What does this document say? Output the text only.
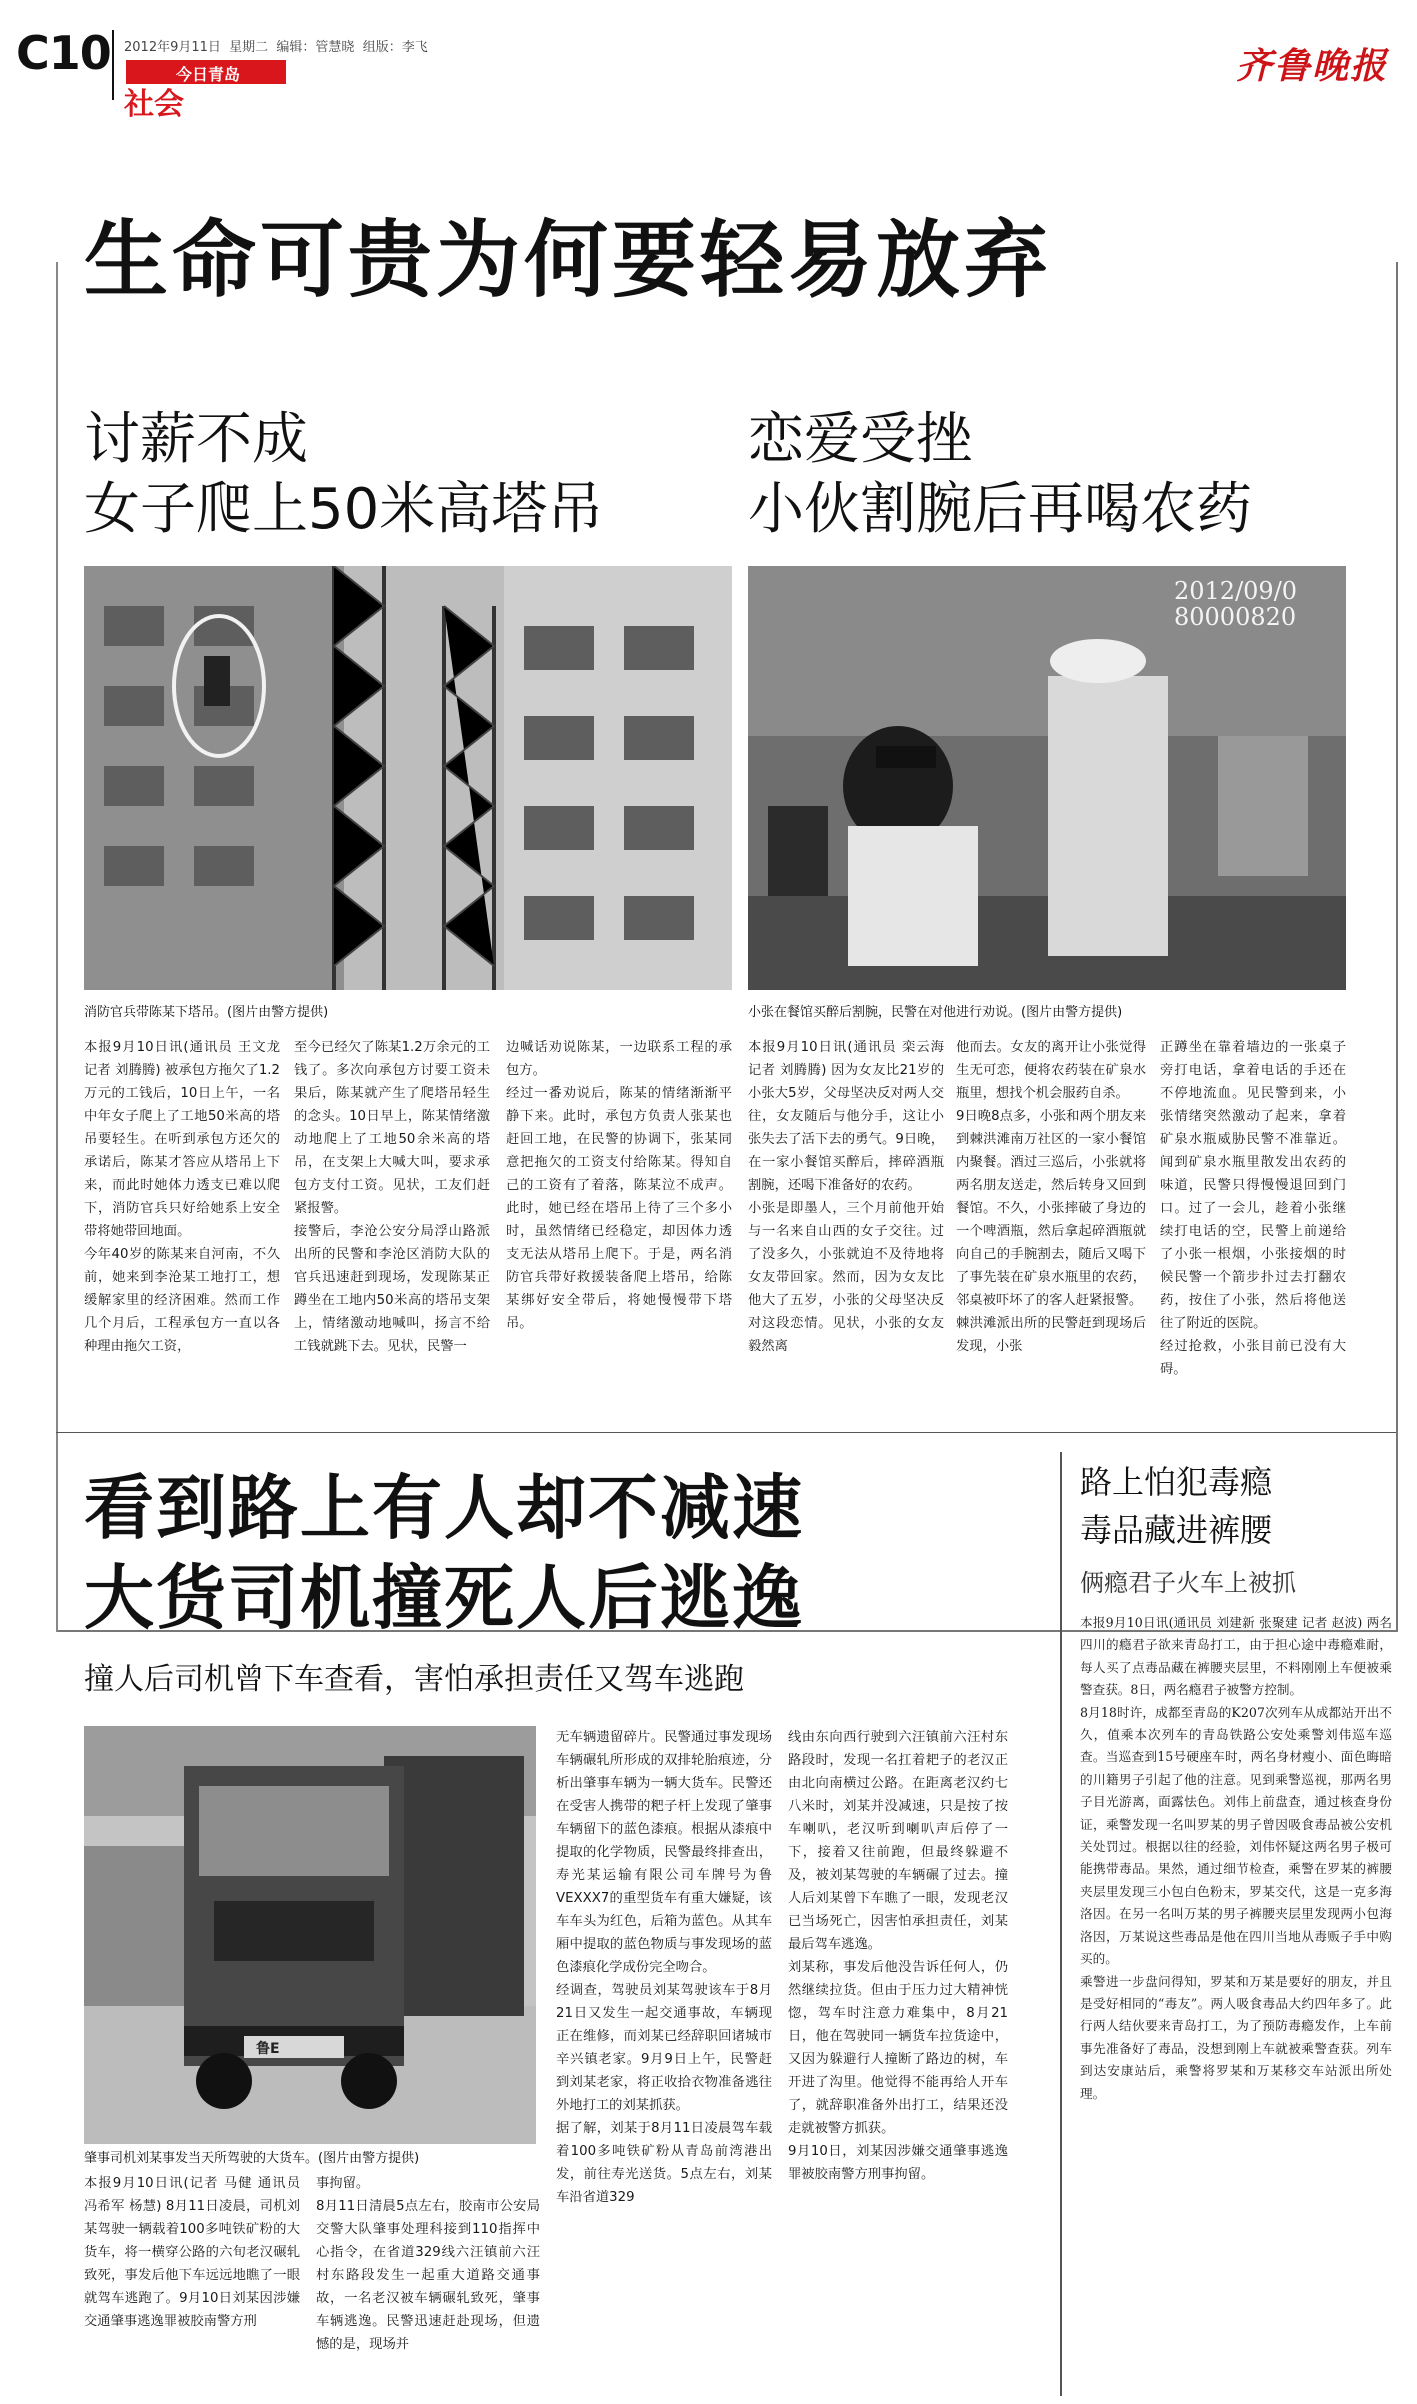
C10 2012年9月11日  星期二  编辑：管慧晓  组版：李飞
今日青岛
社会
齐鲁晚报
生命可贵为何要轻易放弃
讨薪不成
女子爬上50米高塔吊
消防官兵带陈某下塔吊。(图片由警方提供)
本报9月10日讯(通讯员 王文龙 记者 刘腾腾) 被承包方拖欠了1.2万元的工钱后，10日上午，一名中年女子爬上了工地50米高的塔吊要轻生。在听到承包方还欠的承诺后，陈某才答应从塔吊上下来，而此时她体力透支已难以爬下，消防官兵只好给她系上安全带将她带回地面。
今年40岁的陈某来自河南，不久前，她来到李沧某工地打工，想缓解家里的经济困难。然而工作几个月后，工程承包方一直以各种理由拖欠工资，
至今已经欠了陈某1.2万余元的工钱了。多次向承包方讨要工资未果后，陈某就产生了爬塔吊轻生的念头。10日早上，陈某情绪激动地爬上了工地50余米高的塔吊，在支架上大喊大叫，要求承包方支付工资。见状，工友们赶紧报警。
接警后，李沧公安分局浮山路派出所的民警和李沧区消防大队的官兵迅速赶到现场，发现陈某正蹲坐在工地内50米高的塔吊支架上，情绪激动地喊叫，扬言不给工钱就跳下去。见状，民警一
边喊话劝说陈某，一边联系工程的承包方。
经过一番劝说后，陈某的情绪渐渐平静下来。此时，承包方负责人张某也赶回工地，在民警的协调下，张某同意把拖欠的工资支付给陈某。得知自己的工资有了着落，陈某泣不成声。此时，她已经在塔吊上待了三个多小时，虽然情绪已经稳定，却因体力透支无法从塔吊上爬下。于是，两名消防官兵带好救援装备爬上塔吊，给陈某绑好安全带后，将她慢慢带下塔吊。
恋爱受挫
小伙割腕后再喝农药
2012/09/0
80000820
小张在餐馆买醉后割腕，民警在对他进行劝说。(图片由警方提供)
本报9月10日讯(通讯员 栾云海 记者 刘腾腾) 因为女友比21岁的小张大5岁，父母坚决反对两人交往，女友随后与他分手，这让小张失去了活下去的勇气。9日晚，在一家小餐馆买醉后，摔碎酒瓶割腕，还喝下准备好的农药。
小张是即墨人，三个月前他开始与一名来自山西的女子交往。过了没多久，小张就迫不及待地将女友带回家。然而，因为女友比他大了五岁，小张的父母坚决反对这段恋情。见状，小张的女友毅然离
他而去。女友的离开让小张觉得生无可恋，便将农药装在矿泉水瓶里，想找个机会服药自杀。
9日晚8点多，小张和两个朋友来到棘洪滩南万社区的一家小餐馆内聚餐。酒过三巡后，小张就将两名朋友送走，然后转身又回到餐馆。不久，小张摔破了身边的一个啤酒瓶，然后拿起碎酒瓶就向自己的手腕割去，随后又喝下了事先装在矿泉水瓶里的农药，邻桌被吓坏了的客人赶紧报警。
棘洪滩派出所的民警赶到现场后发现，小张
正蹲坐在靠着墙边的一张桌子旁打电话，拿着电话的手还在不停地流血。见民警到来，小张情绪突然激动了起来，拿着矿泉水瓶威胁民警不准靠近。闻到矿泉水瓶里散发出农药的味道，民警只得慢慢退回到门口。过了一会儿，趁着小张继续打电话的空，民警上前递给了小张一根烟，小张接烟的时候民警一个箭步扑过去打翻农药，按住了小张，然后将他送往了附近的医院。
经过抢救，小张目前已没有大碍。
看到路上有人却不减速
大货司机撞死人后逃逸
撞人后司机曾下车查看，害怕承担责任又驾车逃跑
鲁E
肇事司机刘某事发当天所驾驶的大货车。(图片由警方提供)
本报9月10日讯(记者 马健 通讯员 冯希军 杨慧) 8月11日凌晨，司机刘某驾驶一辆载着100多吨铁矿粉的大货车，将一横穿公路的六旬老汉碾轧致死，事发后他下车远远地瞧了一眼就驾车逃跑了。9月10日刘某因涉嫌交通肇事逃逸罪被胶南警方刑
事拘留。
8月11日清晨5点左右，胶南市公安局交警大队肇事处理科接到110指挥中心指令，在省道329线六汪镇前六汪村东路段发生一起重大道路交通事故，一名老汉被车辆碾轧致死，肇事车辆逃逸。民警迅速赶赴现场，但遗憾的是，现场并
无车辆遗留碎片。民警通过事发现场车辆碾轧所形成的双排轮胎痕迹，分析出肇事车辆为一辆大货车。民警还在受害人携带的粑子杆上发现了肇事车辆留下的蓝色漆痕。根据从漆痕中提取的化学物质，民警最终排查出，寿光某运输有限公司车牌号为鲁VEXXX7的重型货车有重大嫌疑，该车车头为红色，后箱为蓝色。从其车厢中提取的蓝色物质与事发现场的蓝色漆痕化学成份完全吻合。
经调查，驾驶员刘某驾驶该车于8月21日又发生一起交通事故，车辆现正在维修，而刘某已经辞职回诸城市辛兴镇老家。9月9日上午，民警赶到刘某老家，将正收拾衣物准备逃往外地打工的刘某抓获。
据了解，刘某于8月11日凌晨驾车载着100多吨铁矿粉从青岛前湾港出发，前往寿光送货。5点左右，刘某车沿省道329
线由东向西行驶到六汪镇前六汪村东路段时，发现一名扛着耙子的老汉正由北向南横过公路。在距离老汉约七八米时，刘某并没减速，只是按了按车喇叭，老汉听到喇叭声后停了一下，接着又往前跑，但最终躲避不及，被刘某驾驶的车辆碾了过去。撞人后刘某曾下车瞧了一眼，发现老汉已当场死亡，因害怕承担责任，刘某最后驾车逃逸。
刘某称，事发后他没告诉任何人，仍然继续拉货。但由于压力过大精神恍惚，驾车时注意力难集中，8月21日，他在驾驶同一辆货车拉货途中，又因为躲避行人撞断了路边的树，车开进了沟里。他觉得不能再给人开车了，就辞职准备外出打工，结果还没走就被警方抓获。
9月10日，刘某因涉嫌交通肇事逃逸罪被胶南警方刑事拘留。
路上怕犯毒瘾
毒品藏进裤腰
俩瘾君子火车上被抓
本报9月10日讯(通讯员 刘建新 张聚建 记者 赵波) 两名四川的瘾君子欲来青岛打工，由于担心途中毒瘾难耐，每人买了点毒品藏在裤腰夹层里，不料刚刚上车便被乘警查获。8日，两名瘾君子被警方控制。
8月18时许，成都至青岛的K207次列车从成都站开出不久，值乘本次列车的青岛铁路公安处乘警刘伟巡车巡查。当巡查到15号硬座车时，两名身材瘦小、面色晦暗的川籍男子引起了他的注意。见到乘警巡视，那两名男子目光游离，面露怯色。刘伟上前盘查，通过核查身份证，乘警发现一名叫罗某的男子曾因吸食毒品被公安机关处罚过。根据以往的经验，刘伟怀疑这两名男子极可能携带毒品。果然，通过细节检查，乘警在罗某的裤腰夹层里发现三小包白色粉末，罗某交代，这是一克多海洛因。在另一名叫万某的男子裤腰夹层里发现两小包海洛因，万某说这些毒品是他在四川当地从毒贩子手中购买的。
乘警进一步盘问得知，罗某和万某是要好的朋友，并且是受好相同的“毒友”。两人吸食毒品大约四年多了。此行两人结伙要来青岛打工，为了预防毒瘾发作，上车前事先准备好了毒品，没想到刚上车就被乘警查获。列车到达安康站后，乘警将罗某和万某移交车站派出所处理。
